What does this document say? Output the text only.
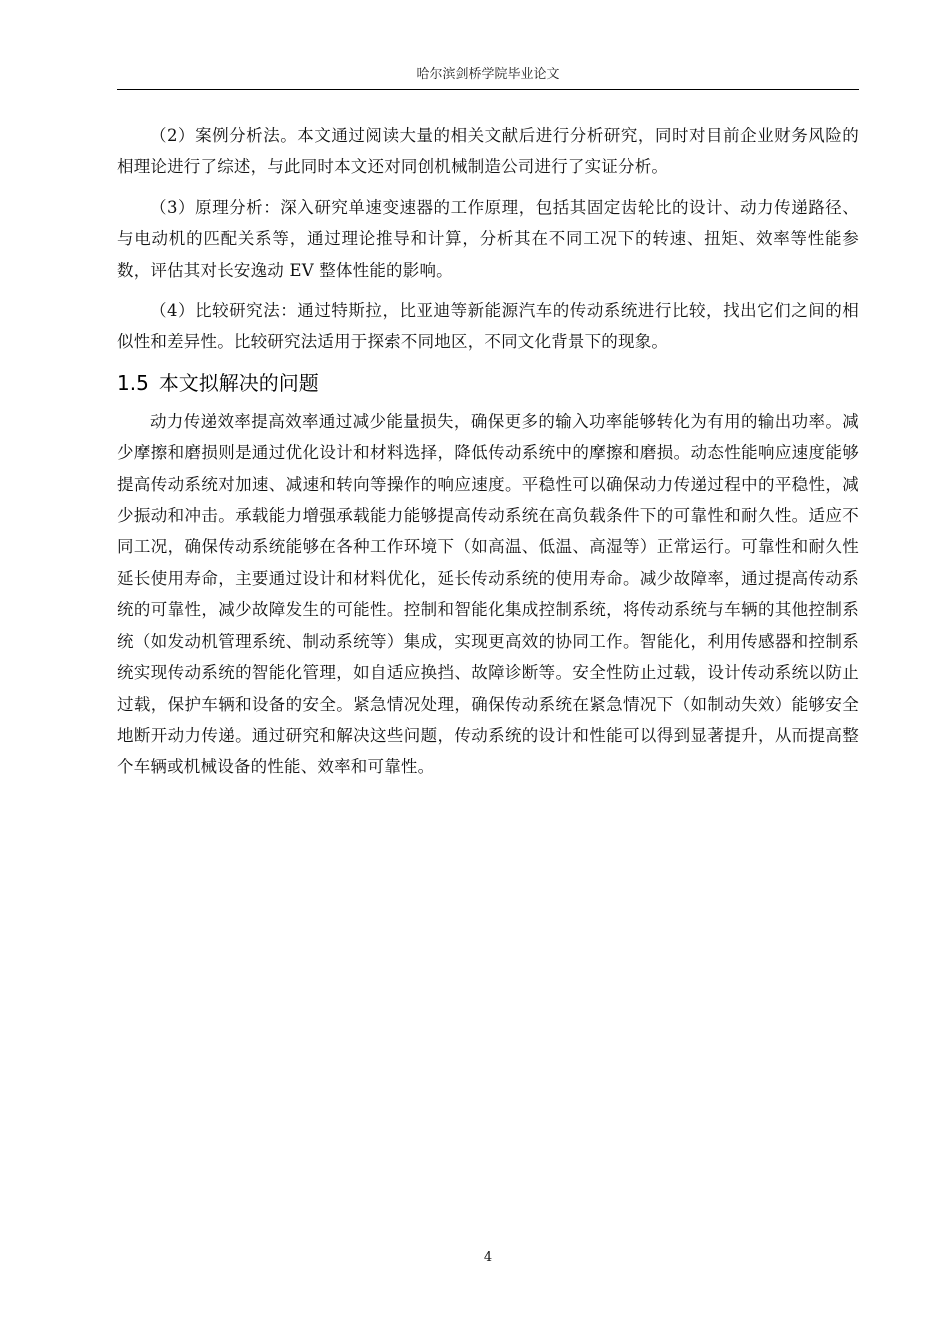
哈尔滨剑桥学院毕业论文

（2）案例分析法。本文通过阅读大量的相关文献后进行分析研究，同时对目前企业财务风险的相理论进行了综述，与此同时本文还对同创机械制造公司进行了实证分析。

（3）原理分析：深入研究单速变速器的工作原理，包括其固定齿轮比的设计、动力传递路径、与电动机的匹配关系等，通过理论推导和计算，分析其在不同工况下的转速、扭矩、效率等性能参数，评估其对长安逸动 EV 整体性能的影响。

（4）比较研究法：通过特斯拉，比亚迪等新能源汽车的传动系统进行比较，找出它们之间的相似性和差异性。比较研究法适用于探索不同地区，不同文化背景下的现象。

1.5 本文拟解决的问题

动力传递效率提高效率通过减少能量损失，确保更多的输入功率能够转化为有用的输出功率。减少摩擦和磨损则是通过优化设计和材料选择，降低传动系统中的摩擦和磨损。动态性能响应速度能够提高传动系统对加速、减速和转向等操作的响应速度。平稳性可以确保动力传递过程中的平稳性，减少振动和冲击。承载能力增强承载能力能够提高传动系统在高负载条件下的可靠性和耐久性。适应不同工况，确保传动系统能够在各种工作环境下（如高温、低温、高湿等）正常运行。可靠性和耐久性延长使用寿命，主要通过设计和材料优化，延长传动系统的使用寿命。减少故障率，通过提高传动系统的可靠性，减少故障发生的可能性。控制和智能化集成控制系统，将传动系统与车辆的其他控制系统（如发动机管理系统、制动系统等）集成，实现更高效的协同工作。智能化，利用传感器和控制系统实现传动系统的智能化管理，如自适应换挡、故障诊断等。安全性防止过载，设计传动系统以防止过载，保护车辆和设备的安全。紧急情况处理，确保传动系统在紧急情况下（如制动失效）能够安全地断开动力传递。通过研究和解决这些问题，传动系统的设计和性能可以得到显著提升，从而提高整个车辆或机械设备的性能、效率和可靠性。

4
